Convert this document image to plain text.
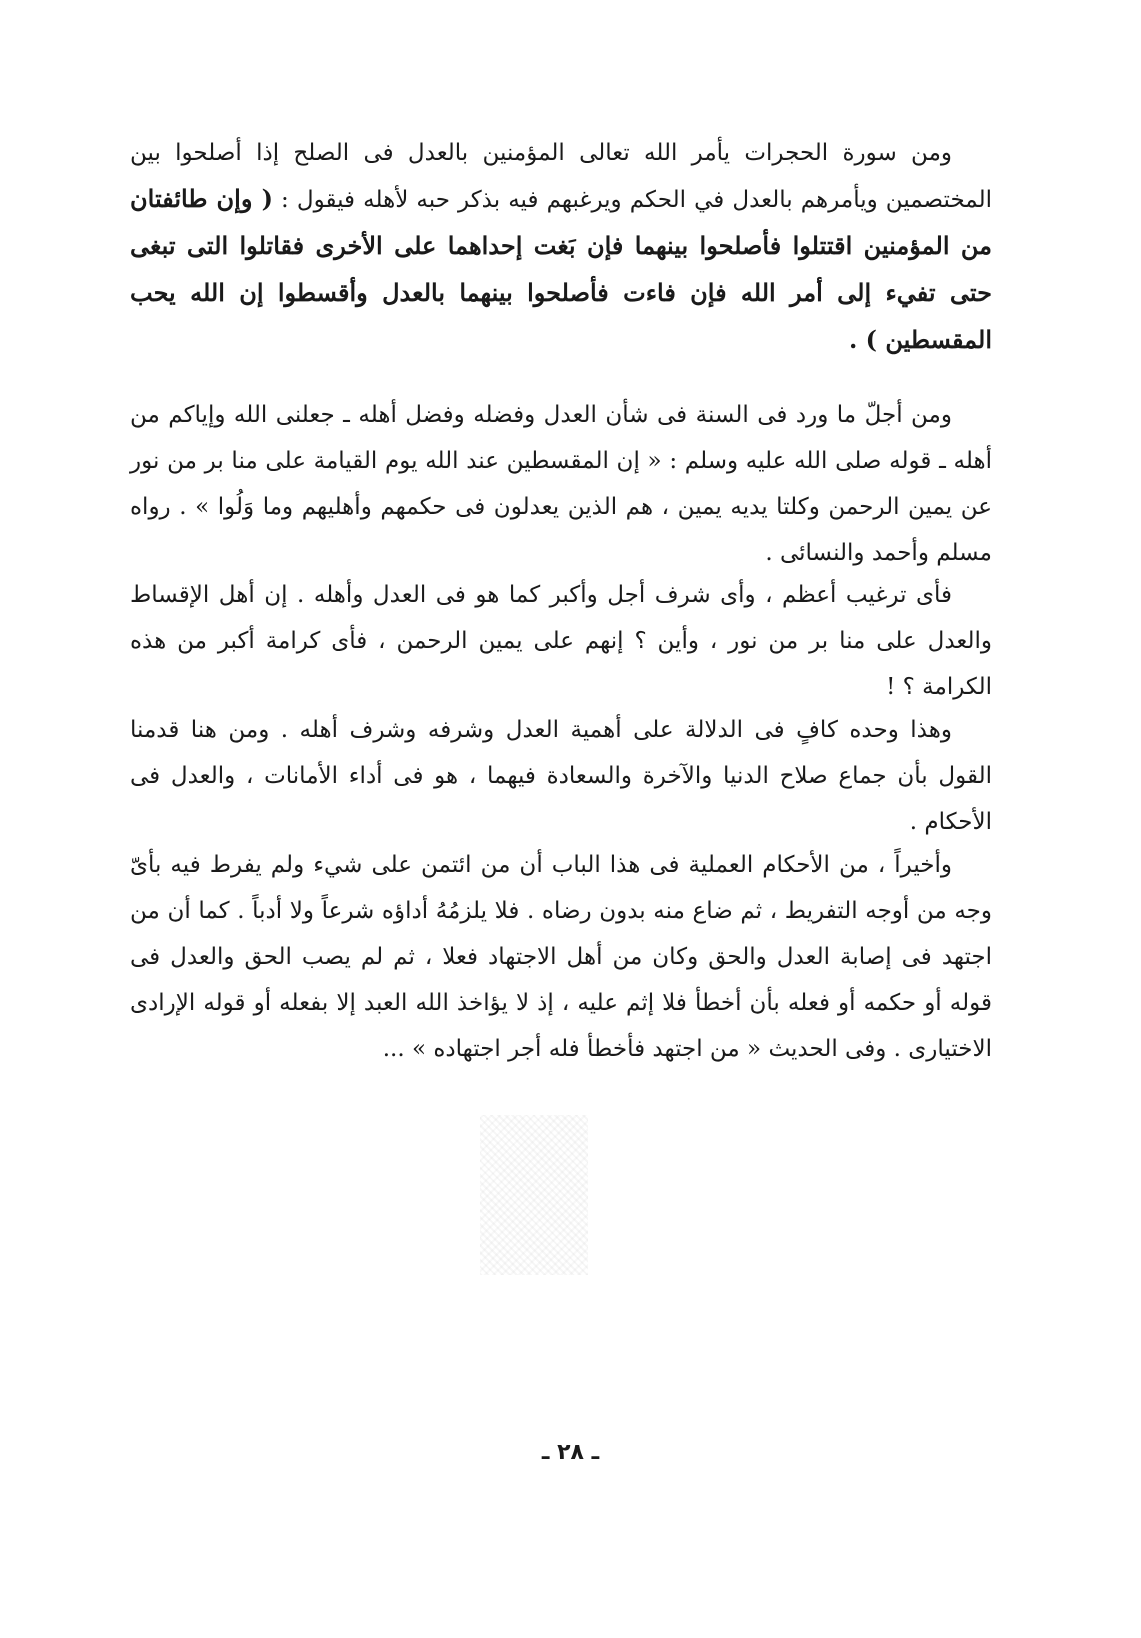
ومن سورة الحجرات يأمر الله تعالى المؤمنين بالعدل فى الصلح إذا أصلحوا بين المختصمين ويأمرهم بالعدل في الحكم ويرغبهم فيه بذكر حبه لأهله فيقول : ( وإن طائفتان من المؤمنين اقتتلوا فأصلحوا بينهما فإن بَغت إحداهما على الأخرى فقاتلوا التى تبغى حتى تفيء إلى أمر الله فإن فاءت فأصلحوا بينهما بالعدل وأقسطوا إن الله يحب المقسطين ) .

ومن أجلّ ما ورد فى السنة فى شأن العدل وفضله وفضل أهله ـ جعلنى الله وإياكم من أهله ـ قوله صلى الله عليه وسلم : « إن المقسطين عند الله يوم القيامة على منا بر من نور عن يمين الرحمن وكلتا يديه يمين ، هم الذين يعدلون فى حكمهم وأهليهم وما وَلُوا » . رواه مسلم وأحمد والنسائى .

فأى ترغيب أعظم ، وأى شرف أجل وأكبر كما هو فى العدل وأهله . إن أهل الإقساط والعدل على منا بر من نور ، وأين ؟ إنهم على يمين الرحمن ، فأى كرامة أكبر من هذه الكرامة ؟ !

وهذا وحده كافٍ فى الدلالة على أهمية العدل وشرفه وشرف أهله . ومن هنا قدمنا القول بأن جماع صلاح الدنيا والآخرة والسعادة فيهما ، هو فى أداء الأمانات ، والعدل فى الأحكام .

وأخيراً ، من الأحكام العملية فى هذا الباب أن من ائتمن على شيء ولم يفرط فيه بأىّ وجه من أوجه التفريط ، ثم ضاع منه بدون رضاه . فلا يلزمُهُ أداؤه شرعاً ولا أدباً . كما أن من اجتهد فى إصابة العدل والحق وكان من أهل الاجتهاد فعلا ، ثم لم يصب الحق والعدل فى قوله أو حكمه أو فعله بأن أخطأ فلا إثم عليه ، إذ لا يؤاخذ الله العبد إلا بفعله أو قوله الإرادى الاختيارى . وفى الحديث « من اجتهد فأخطأ فله أجر اجتهاده » ...

ـ ٢٨ ـ
